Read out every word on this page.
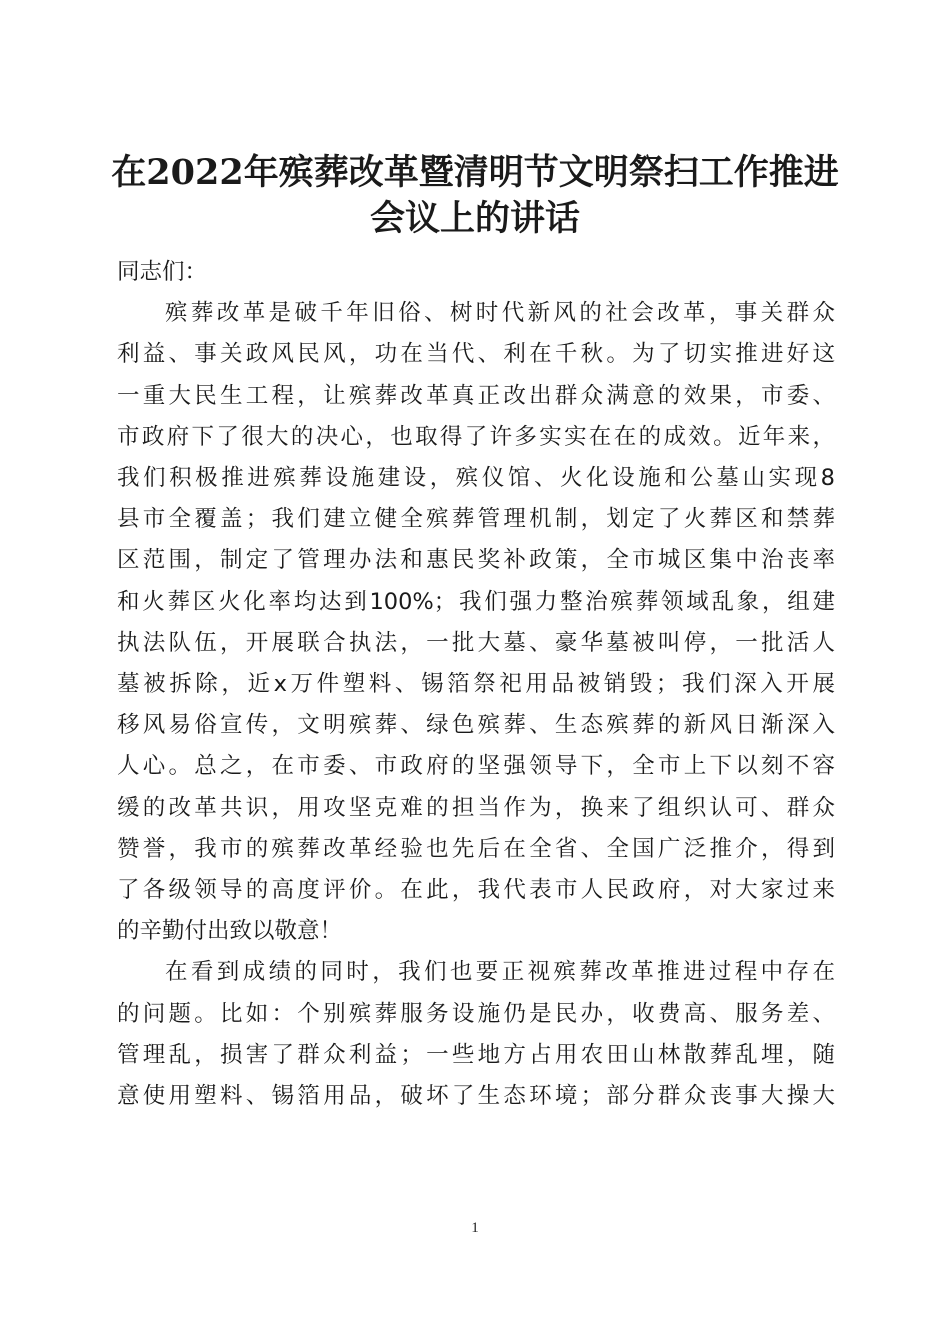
在2022年殡葬改革暨清明节文明祭扫工作推进
会议上的讲话

同志们：

殡葬改革是破千年旧俗、树时代新风的社会改革，事关群众
利益、事关政风民风，功在当代、利在千秋。为了切实推进好这
一重大民生工程，让殡葬改革真正改出群众满意的效果，市委、
市政府下了很大的决心，也取得了许多实实在在的成效。近年来，
我们积极推进殡葬设施建设，殡仪馆、火化设施和公墓山实现8
县市全覆盖；我们建立健全殡葬管理机制，划定了火葬区和禁葬
区范围，制定了管理办法和惠民奖补政策，全市城区集中治丧率
和火葬区火化率均达到100%；我们强力整治殡葬领域乱象，组建
执法队伍，开展联合执法，一批大墓、豪华墓被叫停，一批活人
墓被拆除，近x万件塑料、锡箔祭祀用品被销毁；我们深入开展
移风易俗宣传，文明殡葬、绿色殡葬、生态殡葬的新风日渐深入
人心。总之，在市委、市政府的坚强领导下，全市上下以刻不容
缓的改革共识，用攻坚克难的担当作为，换来了组织认可、群众
赞誉，我市的殡葬改革经验也先后在全省、全国广泛推介，得到
了各级领导的高度评价。在此，我代表市人民政府，对大家过来
的辛勤付出致以敬意！

在看到成绩的同时，我们也要正视殡葬改革推进过程中存在
的问题。比如：个别殡葬服务设施仍是民办，收费高、服务差、
管理乱，损害了群众利益；一些地方占用农田山林散葬乱埋，随
意使用塑料、锡箔用品，破坏了生态环境；部分群众丧事大操大

1
